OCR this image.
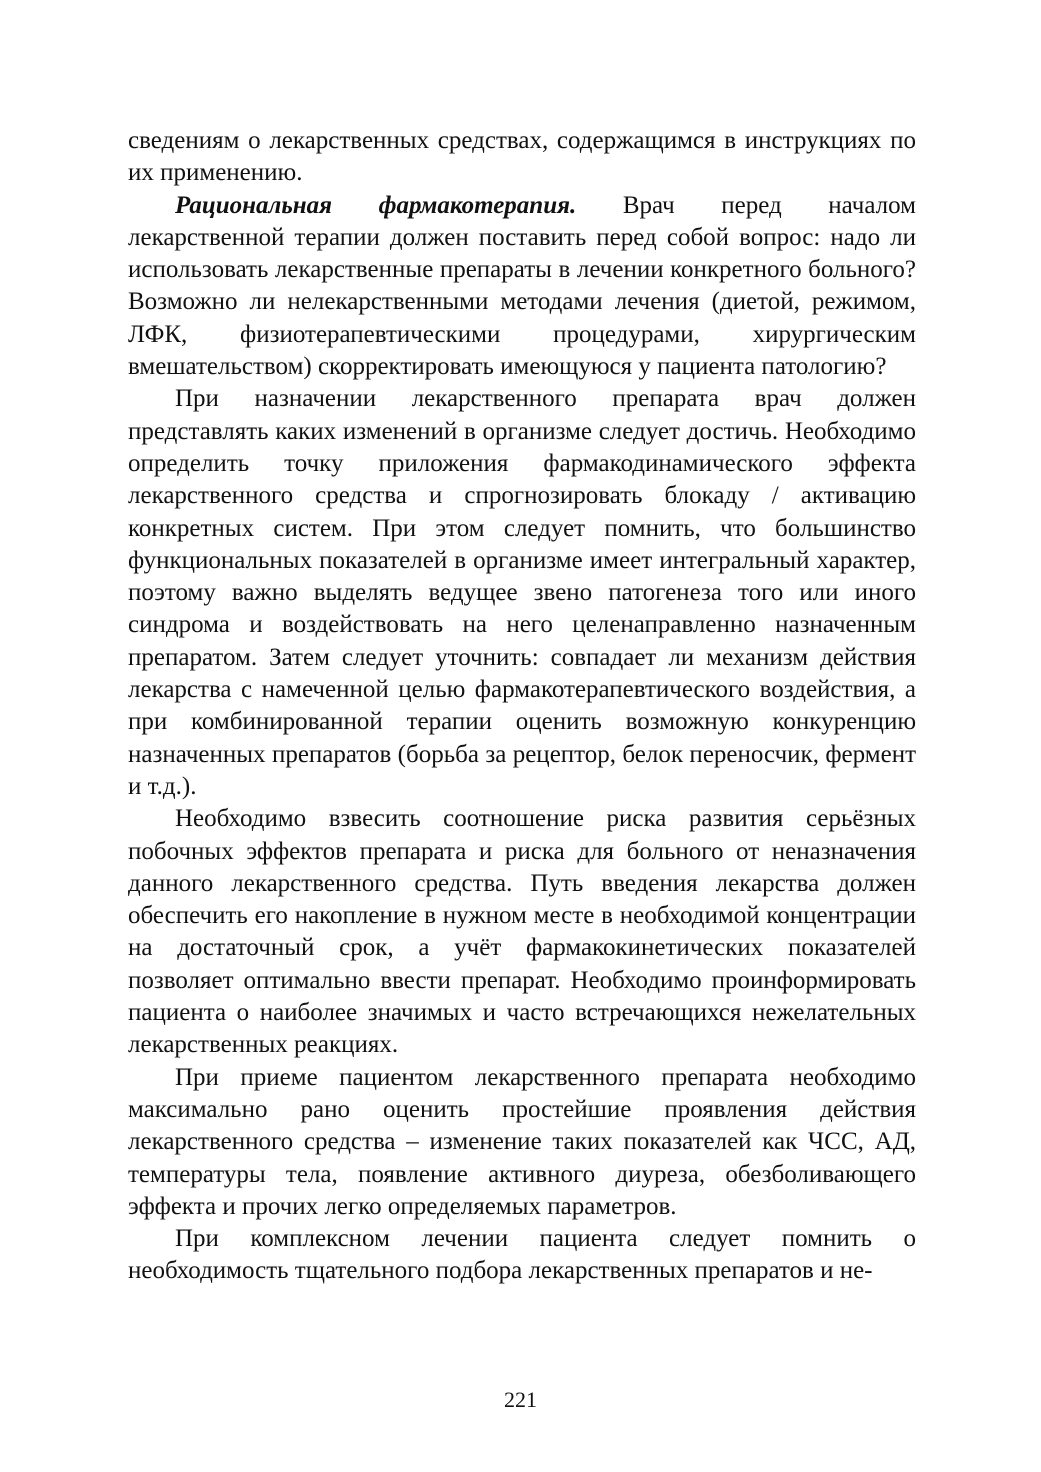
сведениям о лекарственных средствах, содержащимся в инструкциях по их применению.

Рациональная фармакотерапия. Врач перед началом лекарственной терапии должен поставить перед собой вопрос: надо ли использовать лекарственные препараты в лечении конкретного больного? Возможно ли нелекарственными методами лечения (диетой, режимом, ЛФК, физиотерапевтическими процедурами, хирургическим вмешательством) скорректировать имеющуюся у пациента патологию?

При назначении лекарственного препарата врач должен представлять каких изменений в организме следует достичь. Необходимо определить точку приложения фармакодинамического эффекта лекарственного средства и спрогнозировать блокаду / активацию конкретных систем. При этом следует помнить, что большинство функциональных показателей в организме имеет интегральный характер, поэтому важно выделять ведущее звено патогенеза того или иного синдрома и воздействовать на него целенаправленно назначенным препаратом. Затем следует уточнить: совпадает ли механизм действия лекарства с намеченной целью фармакотерапевтического воздействия, а при комбинированной терапии оценить возможную конкуренцию назначенных препаратов (борьба за рецептор, белок переносчик, фермент и т.д.).

Необходимо взвесить соотношение риска развития серьёзных побочных эффектов препарата и риска для больного от неназначения данного лекарственного средства. Путь введения лекарства должен обеспечить его накопление в нужном месте в необходимой концентрации на достаточный срок, а учёт фармакокинетических показателей позволяет оптимально ввести препарат. Необходимо проинформировать пациента о наиболее значимых и часто встречающихся нежелательных лекарственных реакциях.

При приеме пациентом лекарственного препарата необходимо максимально рано оценить простейшие проявления действия лекарственного средства – изменение таких показателей как ЧСС, АД, температуры тела, появление активного диуреза, обезболивающего эффекта и прочих легко определяемых параметров.

При комплексном лечении пациента следует помнить о необходимость тщательного подбора лекарственных препаратов и не-

221
